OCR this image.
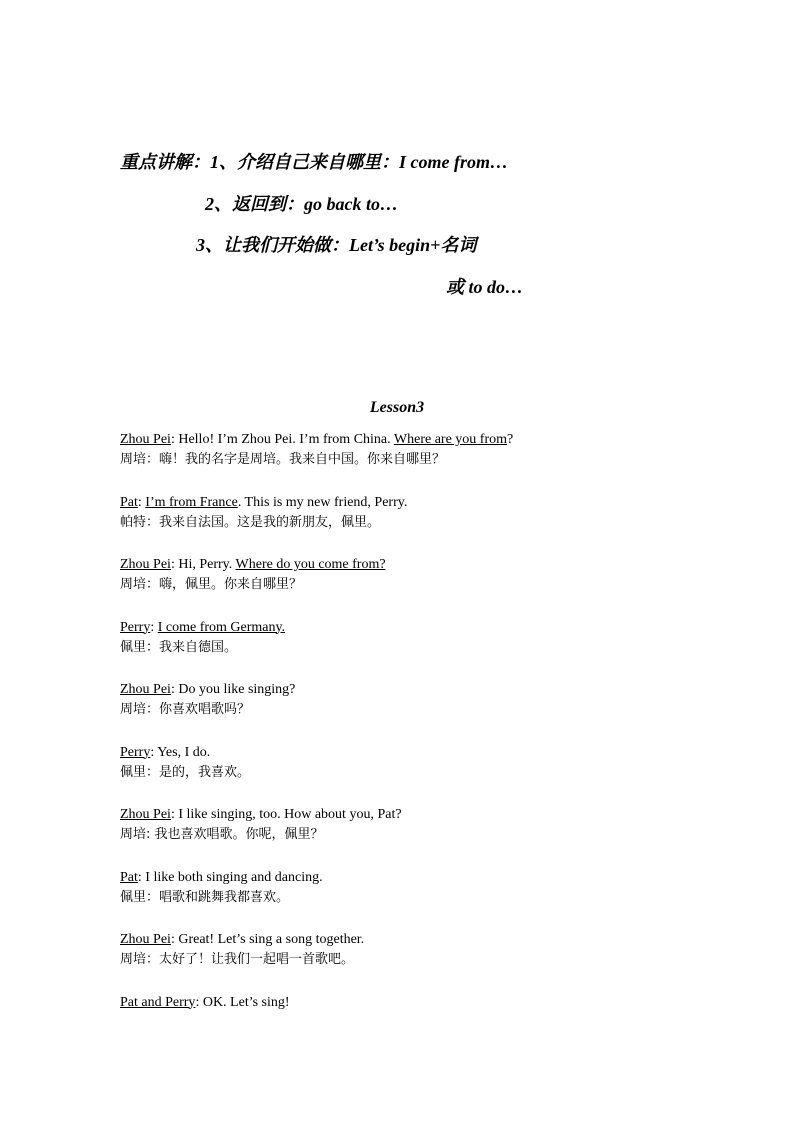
重点讲解：1、介绍自己来自哪里：I come from…
2、返回到：go back to…
3、让我们开始做：Let’s begin+名词
或 to do…
Lesson3
Zhou Pei: Hello! I’m Zhou Pei. I’m from China. Where are you from?
周培：嗨！我的名字是周培。我来自中国。你来自哪里？
Pat: I’m from France. This is my new friend, Perry.
帕特：我来自法国。这是我的新朋友，佩里。
Zhou Pei: Hi, Perry. Where do you come from?
周培：嗨，佩里。你来自哪里？
Perry: I come from Germany.
佩里：我来自德国。
Zhou Pei: Do you like singing?
周培：你喜欢唱歌吗？
Perry: Yes, I do.
佩里：是的，我喜欢。
Zhou Pei: I like singing, too. How about you, Pat?
周培: 我也喜欢唱歌。你呢，佩里？
Pat: I like both singing and dancing.
佩里：唱歌和跳舞我都喜欢。
Zhou Pei: Great! Let’s sing a song together.
周培：太好了！让我们一起唱一首歌吧。
Pat and Perry: OK. Let’s sing!
